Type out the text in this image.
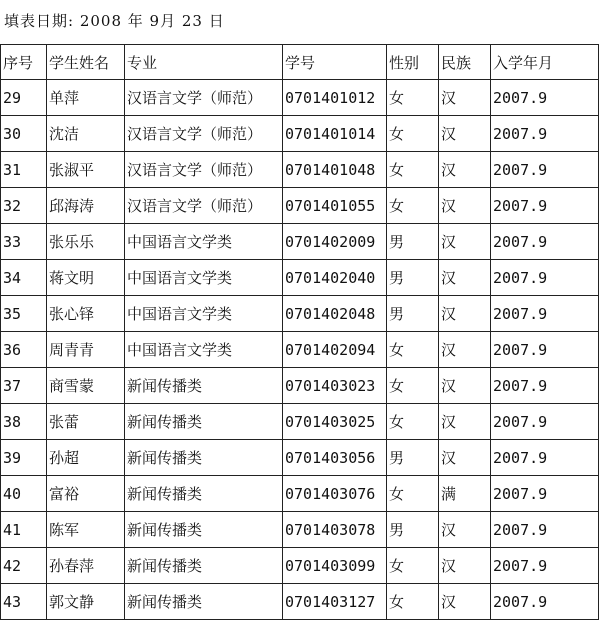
填表日期: 2008 年 9月 23 日
序号	学生姓名	专业	学号	性别	民族	入学年月
29	单萍	汉语言文学（师范）	0701401012	女	汉	2007.9
30	沈洁	汉语言文学（师范）	0701401014	女	汉	2007.9
31	张淑平	汉语言文学（师范）	0701401048	女	汉	2007.9
32	邱海涛	汉语言文学（师范）	0701401055	女	汉	2007.9
33	张乐乐	中国语言文学类	0701402009	男	汉	2007.9
34	蒋文明	中国语言文学类	0701402040	男	汉	2007.9
35	张心铎	中国语言文学类	0701402048	男	汉	2007.9
36	周青青	中国语言文学类	0701402094	女	汉	2007.9
37	商雪蒙	新闻传播类	0701403023	女	汉	2007.9
38	张蕾	新闻传播类	0701403025	女	汉	2007.9
39	孙超	新闻传播类	0701403056	男	汉	2007.9
40	富裕	新闻传播类	0701403076	女	满	2007.9
41	陈军	新闻传播类	0701403078	男	汉	2007.9
42	孙春萍	新闻传播类	0701403099	女	汉	2007.9
43	郭文静	新闻传播类	0701403127	女	汉	2007.9
